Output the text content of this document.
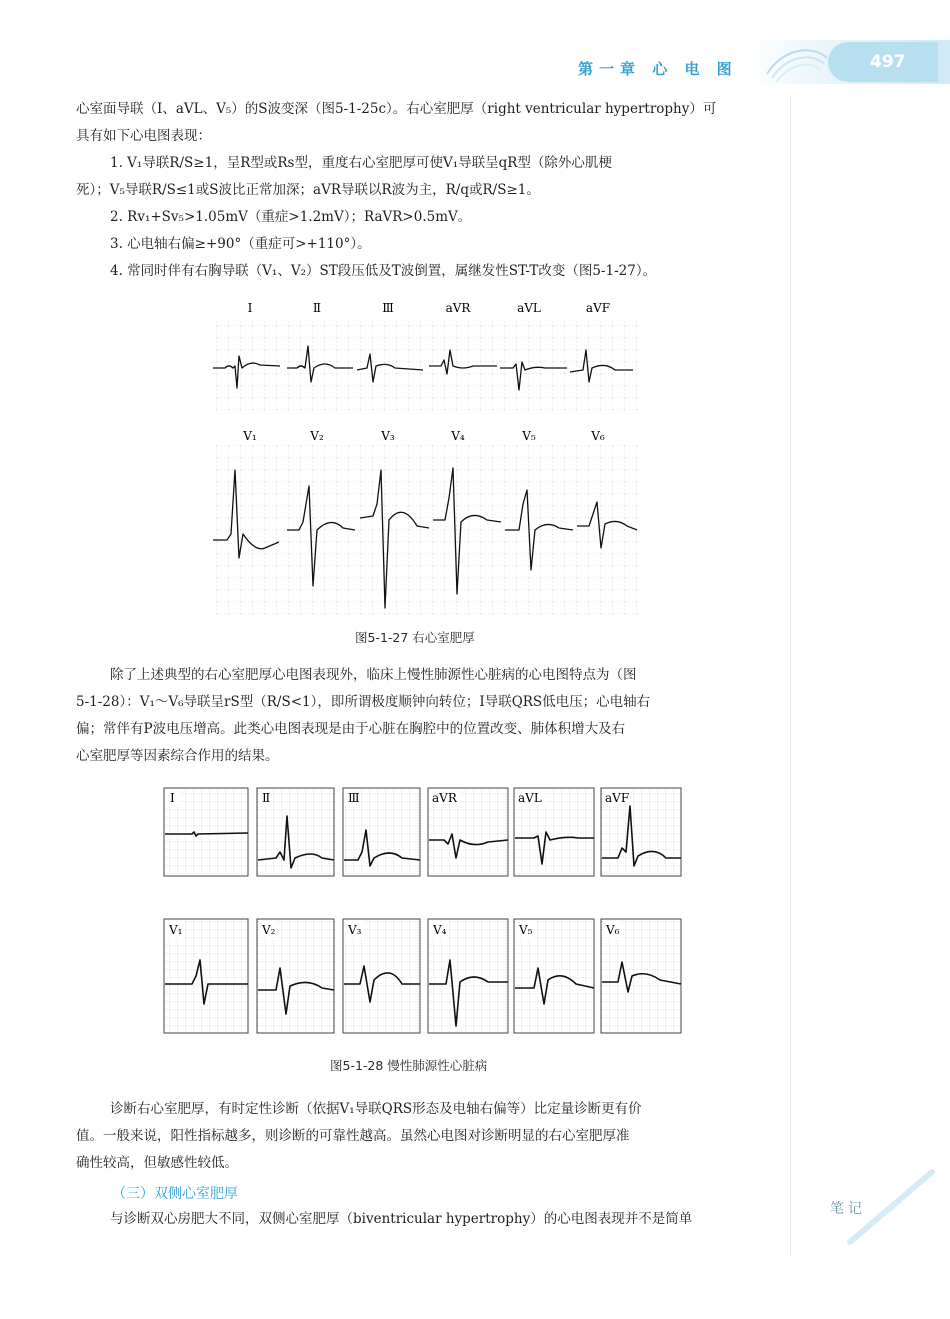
第一章 心 电 图	497
心室面导联（Ⅰ、aVL、V₅）的S波变深（图5-1-25c）。右心室肥厚（right ventricular hypertrophy）可
具有如下心电图表现：
1. V₁导联R/S≥1，呈R型或Rs型，重度右心室肥厚可使V₁导联呈qR型（除外心肌梗
死）；V₅导联R/S≤1或S波比正常加深；aVR导联以R波为主，R/q或R/S≥1。
2. Rv₁+Sv₅>1.05mV（重症>1.2mV）；RaVR>0.5mV。
3. 心电轴右偏≥+90°（重症可>+110°）。
4. 常同时伴有右胸导联（V₁、V₂）ST段压低及T波倒置，属继发性ST-T改变（图5-1-27）。
Ⅰ	Ⅱ	Ⅲ	aVR	aVL	aVF
V₁	V₂	V₃	V₄	V₅	V₆
图5-1-27 右心室肥厚
除了上述典型的右心室肥厚心电图表现外，临床上慢性肺源性心脏病的心电图特点为（图
5-1-28）：V₁～V₆导联呈rS型（R/S<1），即所谓极度顺钟向转位；Ⅰ导联QRS低电压；心电轴右
偏；常伴有P波电压增高。此类心电图表现是由于心脏在胸腔中的位置改变、肺体积增大及右
心室肥厚等因素综合作用的结果。
Ⅰ	Ⅱ	Ⅲ	aVR	aVL	aVF
V₁	V₂	V₃	V₄	V₅	V₆
图5-1-28 慢性肺源性心脏病
诊断右心室肥厚，有时定性诊断（依据V₁导联QRS形态及电轴右偏等）比定量诊断更有价
值。一般来说，阳性指标越多，则诊断的可靠性越高。虽然心电图对诊断明显的右心室肥厚准
确性较高，但敏感性较低。
（三）双侧心室肥厚
与诊断双心房肥大不同，双侧心室肥厚（biventricular hypertrophy）的心电图表现并不是简单
笔记
